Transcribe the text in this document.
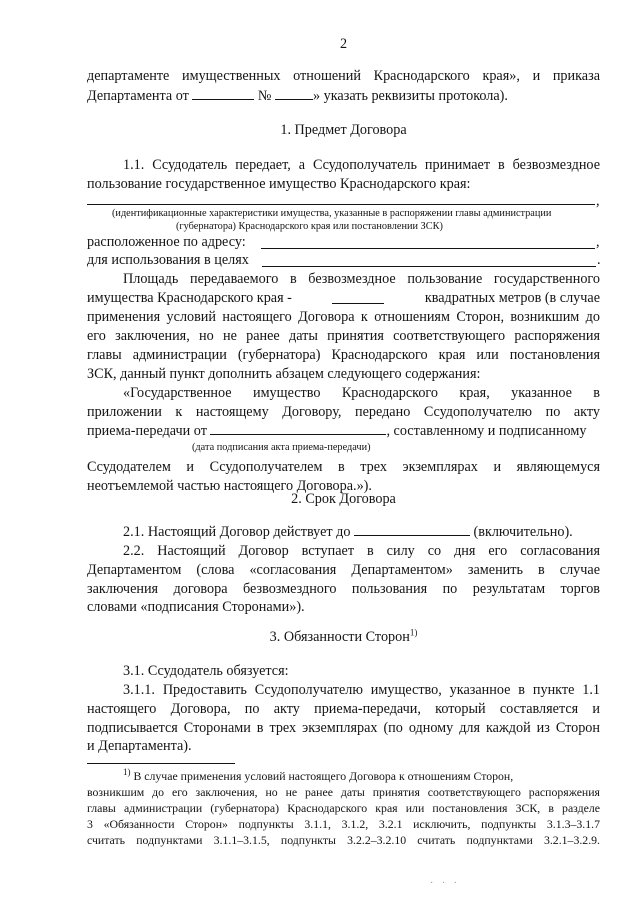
2
департаменте имущественных отношений Краснодарского края», и приказа
Департамента от	№	» указать реквизиты протокола).
1. Предмет Договора
1.1. Ссудодатель передает, а Ссудополучатель принимает в безвозмездное
пользование государственное имущество Краснодарского края:
,
(идентификационные характеристики имущества, указанные в распоряжении главы администрации
(губернатора) Краснодарского края или постановлении ЗСК)
расположенное по адресу:	,
для использования в целях	.
Площадь передаваемого в безвозмездное пользование государственного
имущества Краснодарского края -	квадратных метров (в случае
применения условий настоящего Договора к отношениям Сторон, возникшим до
его заключения, но не ранее даты принятия соответствующего распоряжения
главы администрации (губернатора) Краснодарского края или постановления
ЗСК, данный пункт дополнить абзацем следующего содержания:
«Государственное имущество Краснодарского края, указанное в
приложении к настоящему Договору, передано Ссудополучателю по акту
приема-передачи от	, составленному и подписанному
(дата подписания акта приема-передачи)
Ссудодателем и Ссудополучателем в трех экземплярах и являющемуся
неотъемлемой частью настоящего Договора.»).
2. Срок Договора
2.1. Настоящий Договор действует до	(включительно).
2.2. Настоящий Договор вступает в силу со дня его согласования
Департаментом (слова «согласования Департаментом» заменить в случае
заключения договора безвозмездного пользования по результатам торгов
словами «подписания Сторонами»).
3. Обязанности Сторон$^{1)}$
3.1. Ссудодатель обязуется:
3.1.1. Предоставить Ссудополучателю имущество, указанное в пункте 1.1
настоящего Договора, по акту приема-передачи, который составляется и
подписывается Сторонами в трех экземплярах (по одному для каждой из Сторон
и Департамента).
$^{1)}$ В случае применения условий настоящего Договора к отношениям Сторон,
возникшим до его заключения, но не ранее даты принятия соответствующего распоряжения
главы администрации (губернатора) Краснодарского края или постановления ЗСК, в разделе
3 «Обязанности Сторон» подпункты 3.1.1, 3.1.2, 3.2.1 исключить, подпункты 3.1.3–3.1.7
считать подпунктами 3.1.1–3.1.5, подпункты 3.2.2–3.2.10 считать подпунктами 3.2.1–3.2.9.
· · ·
